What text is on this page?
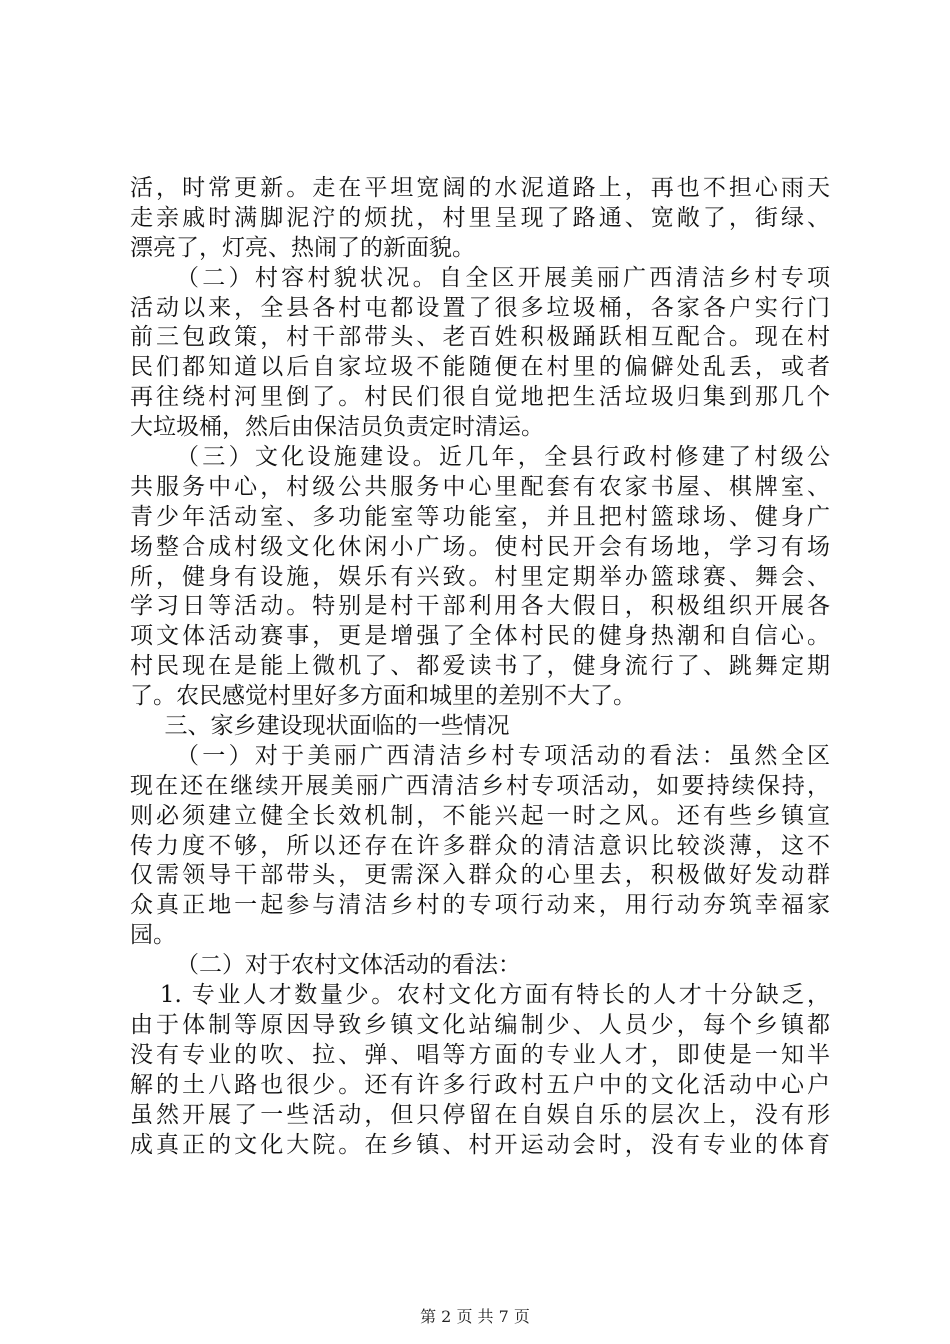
活，时常更新。走在平坦宽阔的水泥道路上，再也不担心雨天
走亲戚时满脚泥泞的烦扰，村里呈现了路通、宽敞了，街绿、
漂亮了，灯亮、热闹了的新面貌。
（二）村容村貌状况。自全区开展美丽广西清洁乡村专项
活动以来，全县各村屯都设置了很多垃圾桶，各家各户实行门
前三包政策，村干部带头、老百姓积极踊跃相互配合。现在村
民们都知道以后自家垃圾不能随便在村里的偏僻处乱丢，或者
再往绕村河里倒了。村民们很自觉地把生活垃圾归集到那几个
大垃圾桶，然后由保洁员负责定时清运。
（三）文化设施建设。近几年，全县行政村修建了村级公
共服务中心，村级公共服务中心里配套有农家书屋、棋牌室、
青少年活动室、多功能室等功能室，并且把村篮球场、健身广
场整合成村级文化休闲小广场。使村民开会有场地，学习有场
所，健身有设施，娱乐有兴致。村里定期举办篮球赛、舞会、
学习日等活动。特别是村干部利用各大假日，积极组织开展各
项文体活动赛事，更是增强了全体村民的健身热潮和自信心。
村民现在是能上微机了、都爱读书了，健身流行了、跳舞定期
了。农民感觉村里好多方面和城里的差别不大了。
三、家乡建设现状面临的一些情况
（一）对于美丽广西清洁乡村专项活动的看法：虽然全区
现在还在继续开展美丽广西清洁乡村专项活动，如要持续保持，
则必须建立健全长效机制，不能兴起一时之风。还有些乡镇宣
传力度不够，所以还存在许多群众的清洁意识比较淡薄，这不
仅需领导干部带头，更需深入群众的心里去，积极做好发动群
众真正地一起参与清洁乡村的专项行动来，用行动夯筑幸福家
园。
（二）对于农村文体活动的看法：
1. 专业人才数量少。农村文化方面有特长的人才十分缺乏，
由于体制等原因导致乡镇文化站编制少、人员少，每个乡镇都
没有专业的吹、拉、弹、唱等方面的专业人才，即使是一知半
解的土八路也很少。还有许多行政村五户中的文化活动中心户
虽然开展了一些活动，但只停留在自娱自乐的层次上，没有形
成真正的文化大院。在乡镇、村开运动会时，没有专业的体育
第 2 页 共 7 页
